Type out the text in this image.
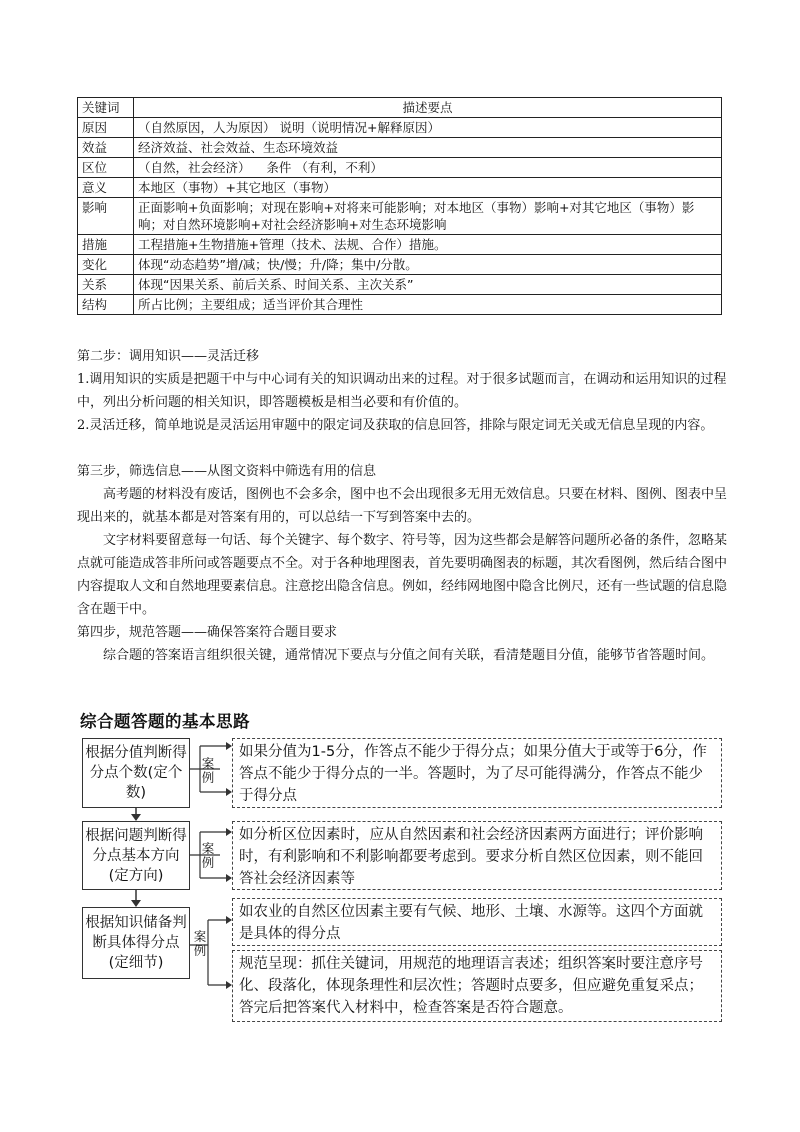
关键词	描述要点
原因	（自然原因，人为原因） 说明（说明情况+解释原因）
效益	经济效益、社会效益、生态环境效益
区位	（自然，社会经济）    条件 （有利，不利）
意义	本地区（事物）+其它地区（事物）
影响	正面影响+负面影响；对现在影响+对将来可能影响；对本地区（事物）影响+对其它地区（事物）影响；对自然环境影响+对社会经济影响+对生态环境影响
措施	工程措施+生物措施+管理（技术、法规、合作）措施。
变化	体现“动态趋势”增/减；快/慢；升/降；集中/分散。
关系	体现“因果关系、前后关系、时间关系、主次关系”
结构	所占比例；主要组成；适当评价其合理性
第二步：调用知识——灵活迁移
1.调用知识的实质是把题干中与中心词有关的知识调动出来的过程。对于很多试题而言，在调动和运用知识的过程中，列出分析问题的相关知识，即答题模板是相当必要和有价值的。
2.灵活迁移，简单地说是灵活运用审题中的限定词及获取的信息回答，排除与限定词无关或无信息呈现的内容。
第三步，筛选信息——从图文资料中筛选有用的信息
高考题的材料没有废话，图例也不会多余，图中也不会出现很多无用无效信息。只要在材料、图例、图表中呈现出来的，就基本都是对答案有用的，可以总结一下写到答案中去的。
文字材料要留意每一句话、每个关键字、每个数字、符号等，因为这些都会是解答问题所必备的条件，忽略某点就可能造成答非所问或答题要点不全。对于各种地理图表，首先要明确图表的标题，其次看图例，然后结合图中内容提取人文和自然地理要素信息。注意挖出隐含信息。例如，经纬网地图中隐含比例尺，还有一些试题的信息隐含在题干中。
第四步，规范答题——确保答案符合题目要求
综合题的答案语言组织很关键，通常情况下要点与分值之间有关联，看清楚题目分值，能够节省答题时间。
综合题答题的基本思路
根据分值判断得分点个数(定个数)
根据问题判断得分点基本方向(定方向)
根据知识储备判断具体得分点(定细节)
案例
案例
案例
如果分值为1-5分，作答点不能少于得分点；如果分值大于或等于6分，作答点不能少于得分点的一半。答题时，为了尽可能得满分，作答点不能少于得分点
如分析区位因素时，应从自然因素和社会经济因素两方面进行；评价影响时，有利影响和不利影响都要考虑到。要求分析自然区位因素，则不能回答社会经济因素等
如农业的自然区位因素主要有气候、地形、土壤、水源等。这四个方面就是具体的得分点
规范呈现：抓住关键词，用规范的地理语言表述；组织答案时要注意序号化、段落化，体现条理性和层次性；答题时点要多，但应避免重复采点；答完后把答案代入材料中，检查答案是否符合题意。
